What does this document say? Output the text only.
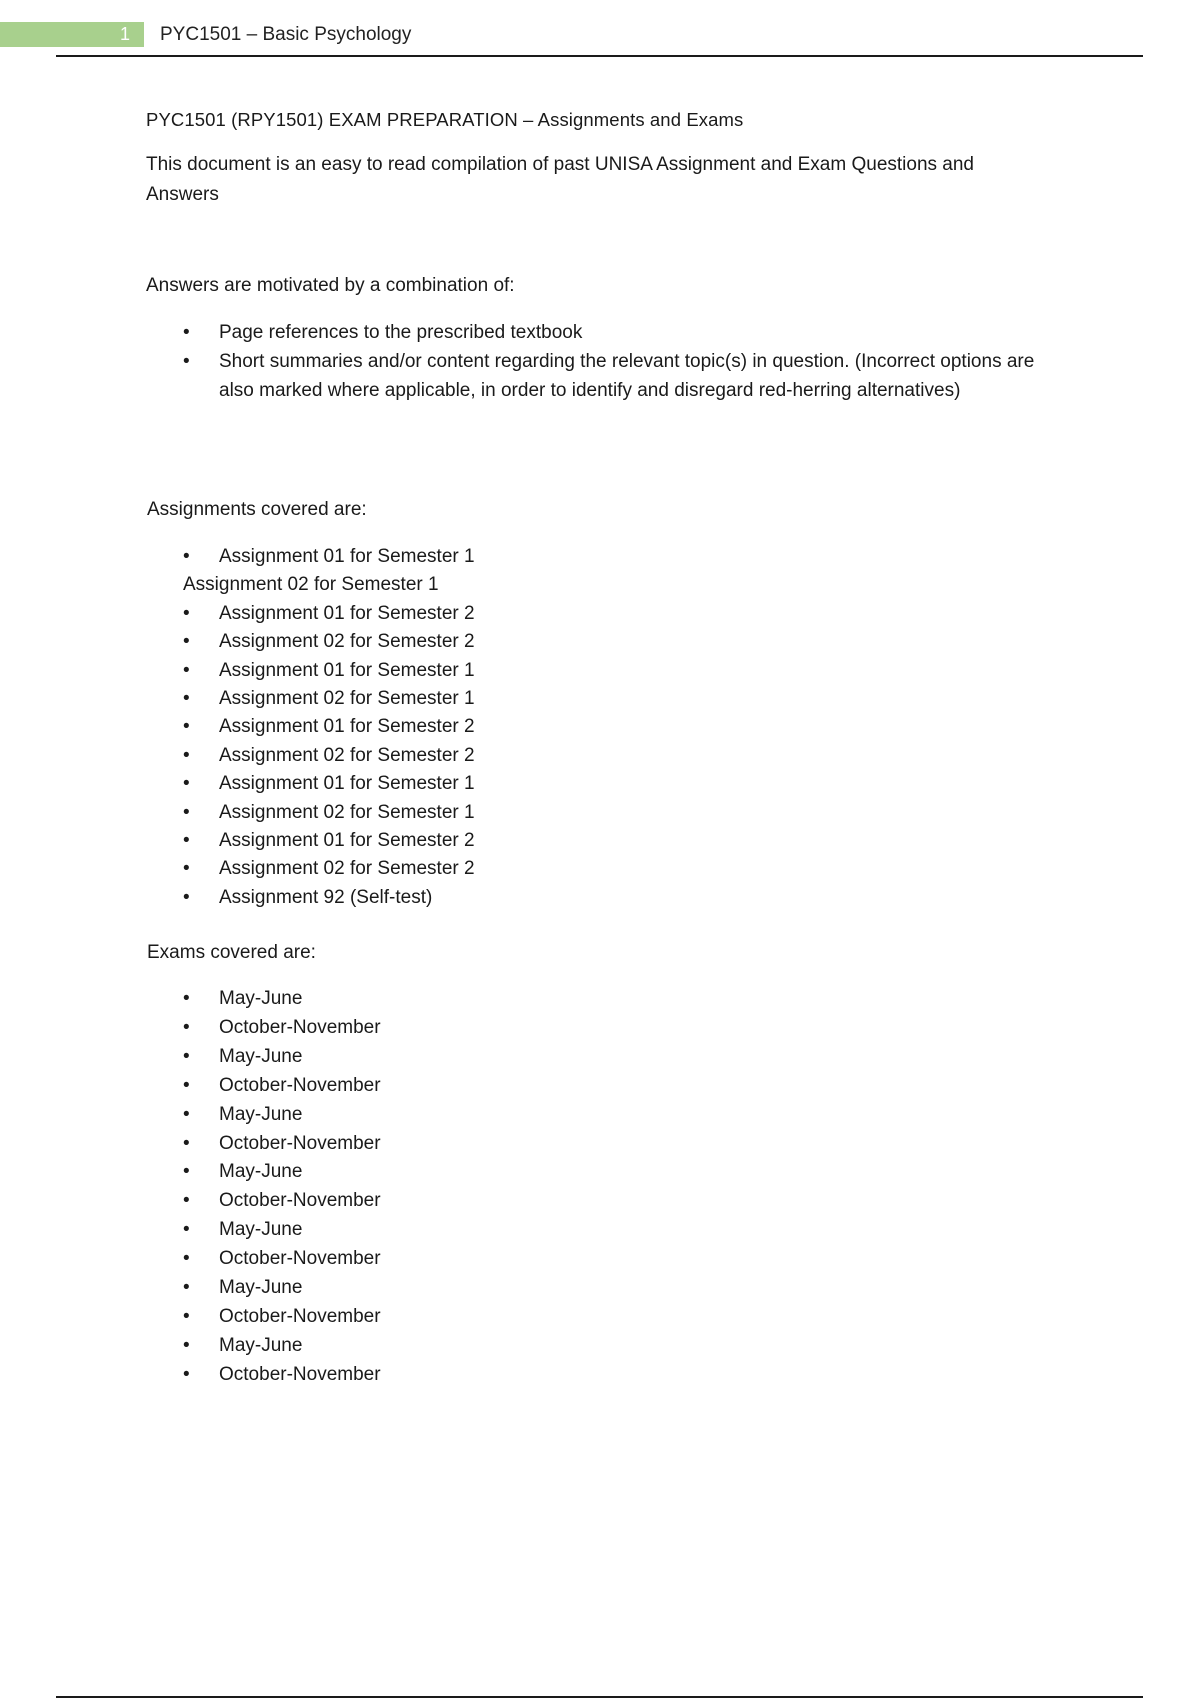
1 PYC1501 – Basic Psychology
PYC1501 (RPY1501) EXAM PREPARATION – Assignments and Exams
This document is an easy to read compilation of past UNISA Assignment and Exam Questions and Answers
Answers are motivated by a combination of:
• Page references to the prescribed textbook
• Short summaries and/or content regarding the relevant topic(s) in question. (Incorrect options are also marked where applicable, in order to identify and disregard red-herring alternatives)
Assignments covered are:
• Assignment 01 for Semester 1
Assignment 02 for Semester 1
• Assignment 01 for Semester 2
• Assignment 02 for Semester 2
• Assignment 01 for Semester 1
• Assignment 02 for Semester 1
• Assignment 01 for Semester 2
• Assignment 02 for Semester 2
• Assignment 01 for Semester 1
• Assignment 02 for Semester 1
• Assignment 01 for Semester 2
• Assignment 02 for Semester 2
• Assignment 92 (Self-test)
Exams covered are:
• May-June
• October-November
• May-June
• October-November
• May-June
• October-November
• May-June
• October-November
• May-June
• October-November
• May-June
• October-November
• May-June
• October-November
